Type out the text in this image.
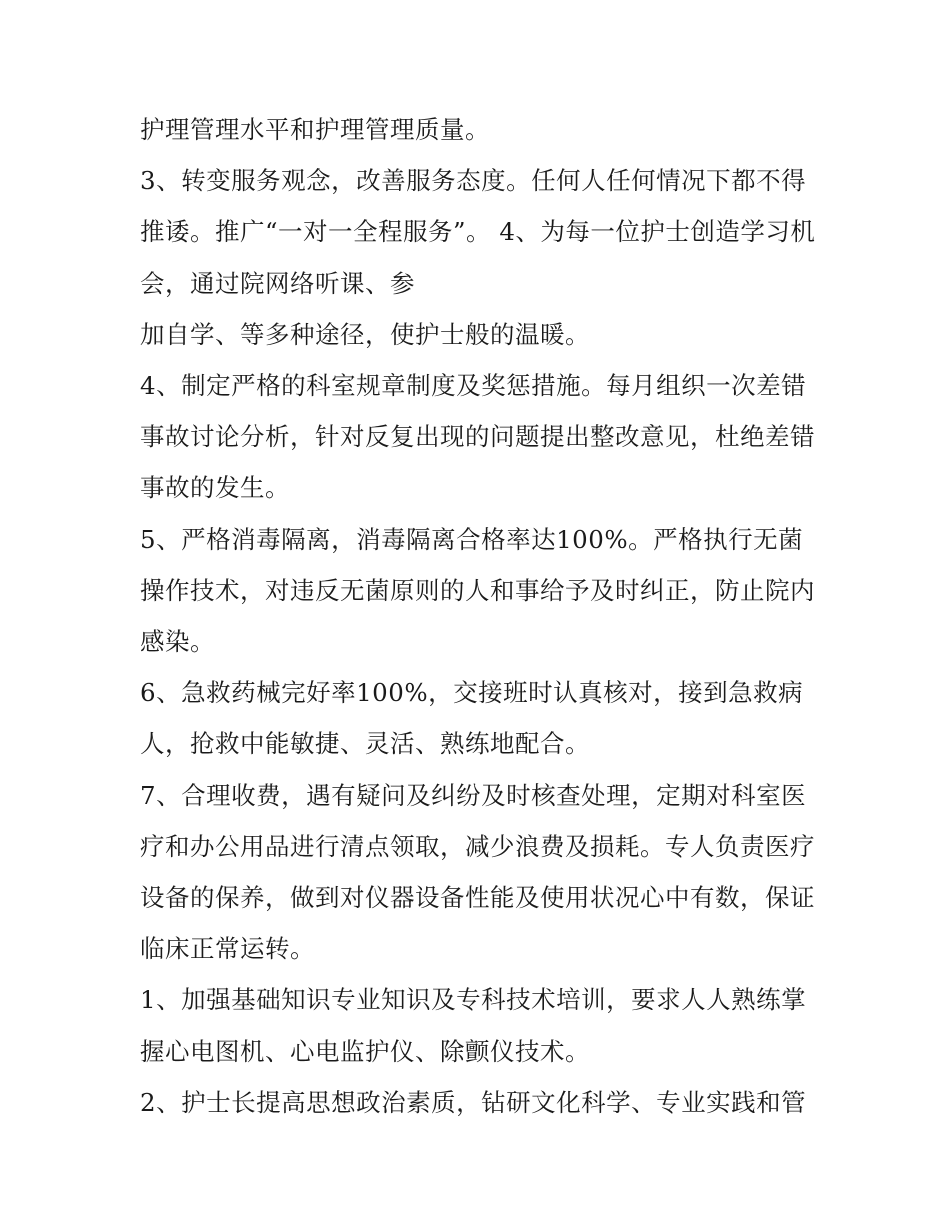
护理管理水平和护理管理质量。

3、转变服务观念，改善服务态度。任何人任何情况下都不得推诿。推广“一对一全程服务”。 4、为每一位护士创造学习机会，通过院网络听课、参

加自学、等多种途径，使护士般的温暖。

4、制定严格的科室规章制度及奖惩措施。每月组织一次差错事故讨论分析，针对反复出现的问题提出整改意见，杜绝差错事故的发生。

5、严格消毒隔离，消毒隔离合格率达100%。严格执行无菌操作技术，对违反无菌原则的人和事给予及时纠正，防止院内感染。

6、急救药械完好率100%，交接班时认真核对，接到急救病人，抢救中能敏捷、灵活、熟练地配合。

7、合理收费，遇有疑问及纠纷及时核查处理，定期对科室医疗和办公用品进行清点领取，减少浪费及损耗。专人负责医疗设备的保养，做到对仪器设备性能及使用状况心中有数，保证临床正常运转。

1、加强基础知识专业知识及专科技术培训，要求人人熟练掌握心电图机、心电监护仪、除颤仪技术。

2、护士长提高思想政治素质，钻研文化科学、专业实践和管
